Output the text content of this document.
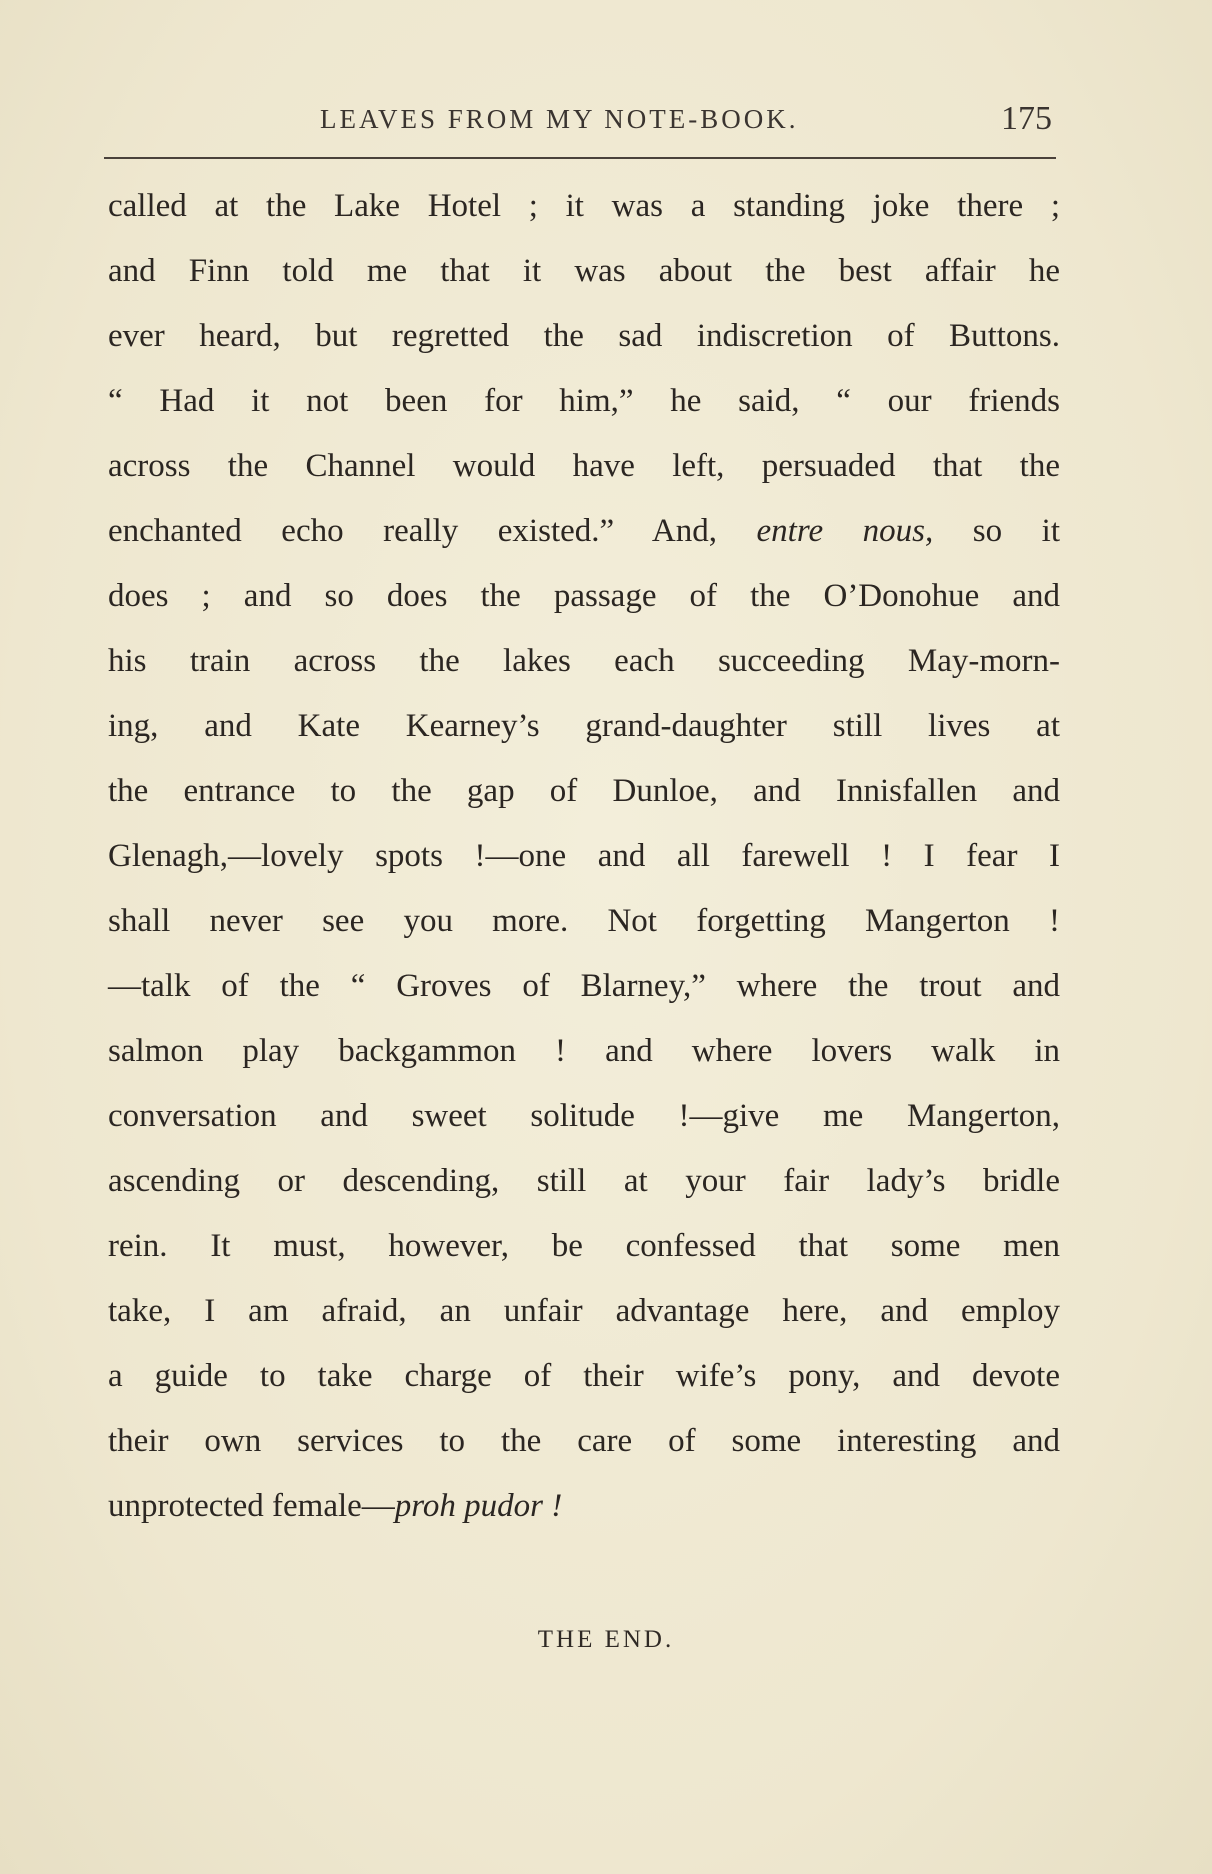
LEAVES FROM MY NOTE-BOOK.	175
called at the Lake Hotel ; it was a standing joke there ;
and Finn told me that it was about the best affair he
ever heard, but regretted the sad indiscretion of Buttons.
“ Had it not been for him,” he said, “ our friends
across the Channel would have left, persuaded that the
enchanted echo really existed.” And, entre nous, so it
does ; and so does the passage of the O’Donohue and
his train across the lakes each succeeding May-morn-
ing, and Kate Kearney’s grand-daughter still lives at
the entrance to the gap of Dunloe, and Innisfallen and
Glenagh,—lovely spots !—one and all farewell ! I fear I
shall never see you more. Not forgetting Mangerton !
—talk of the “ Groves of Blarney,” where the trout and
salmon play backgammon ! and where lovers walk in
conversation and sweet solitude !—give me Mangerton,
ascending or descending, still at your fair lady’s bridle
rein. It must, however, be confessed that some men
take, I am afraid, an unfair advantage here, and employ
a guide to take charge of their wife’s pony, and devote
their own services to the care of some interesting and
unprotected female—proh pudor !
THE END.
